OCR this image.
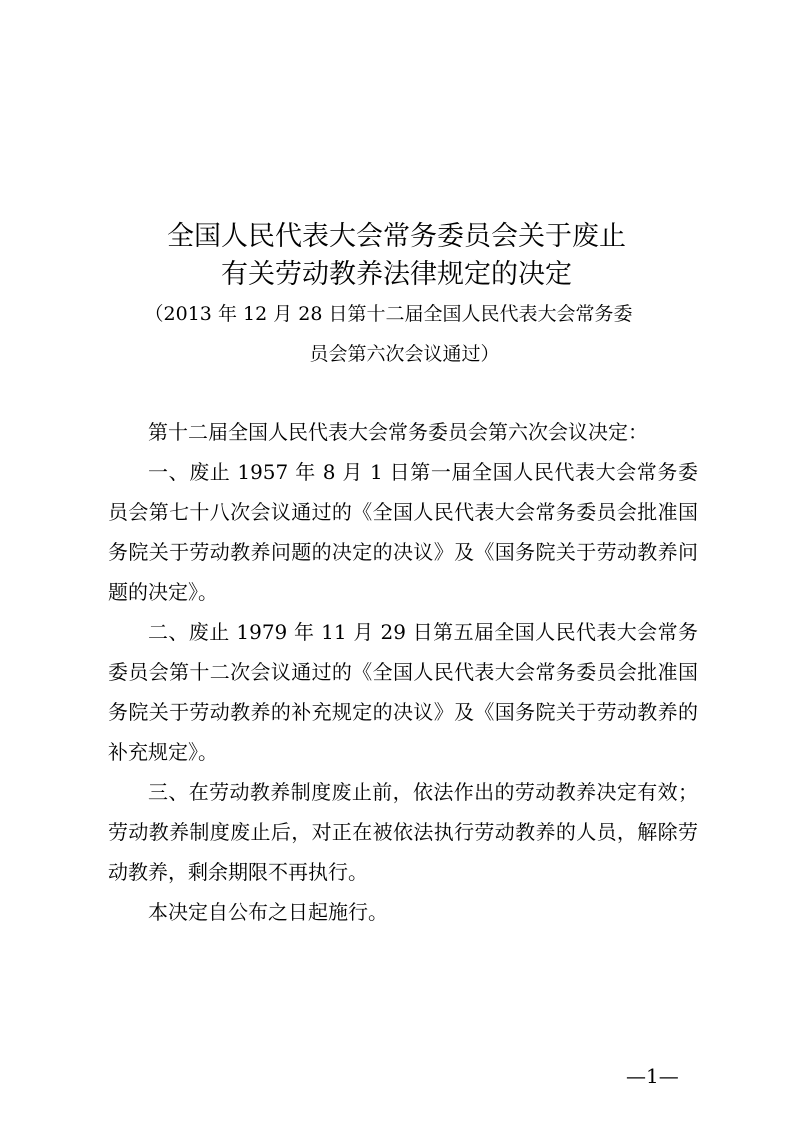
全国人民代表大会常务委员会关于废止
有关劳动教养法律规定的决定
（2013 年 12 月 28 日第十二届全国人民代表大会常务委
员会第六次会议通过）

第十二届全国人民代表大会常务委员会第六次会议决定：

一、废止 1957 年 8 月 1 日第一届全国人民代表大会常务委员会第七十八次会议通过的《全国人民代表大会常务委员会批准国务院关于劳动教养问题的决定的决议》及《国务院关于劳动教养问题的决定》。

二、废止 1979 年 11 月 29 日第五届全国人民代表大会常务委员会第十二次会议通过的《全国人民代表大会常务委员会批准国务院关于劳动教养的补充规定的决议》及《国务院关于劳动教养的补充规定》。

三、在劳动教养制度废止前，依法作出的劳动教养决定有效；劳动教养制度废止后，对正在被依法执行劳动教养的人员，解除劳动教养，剩余期限不再执行。

本决定自公布之日起施行。

—1—
